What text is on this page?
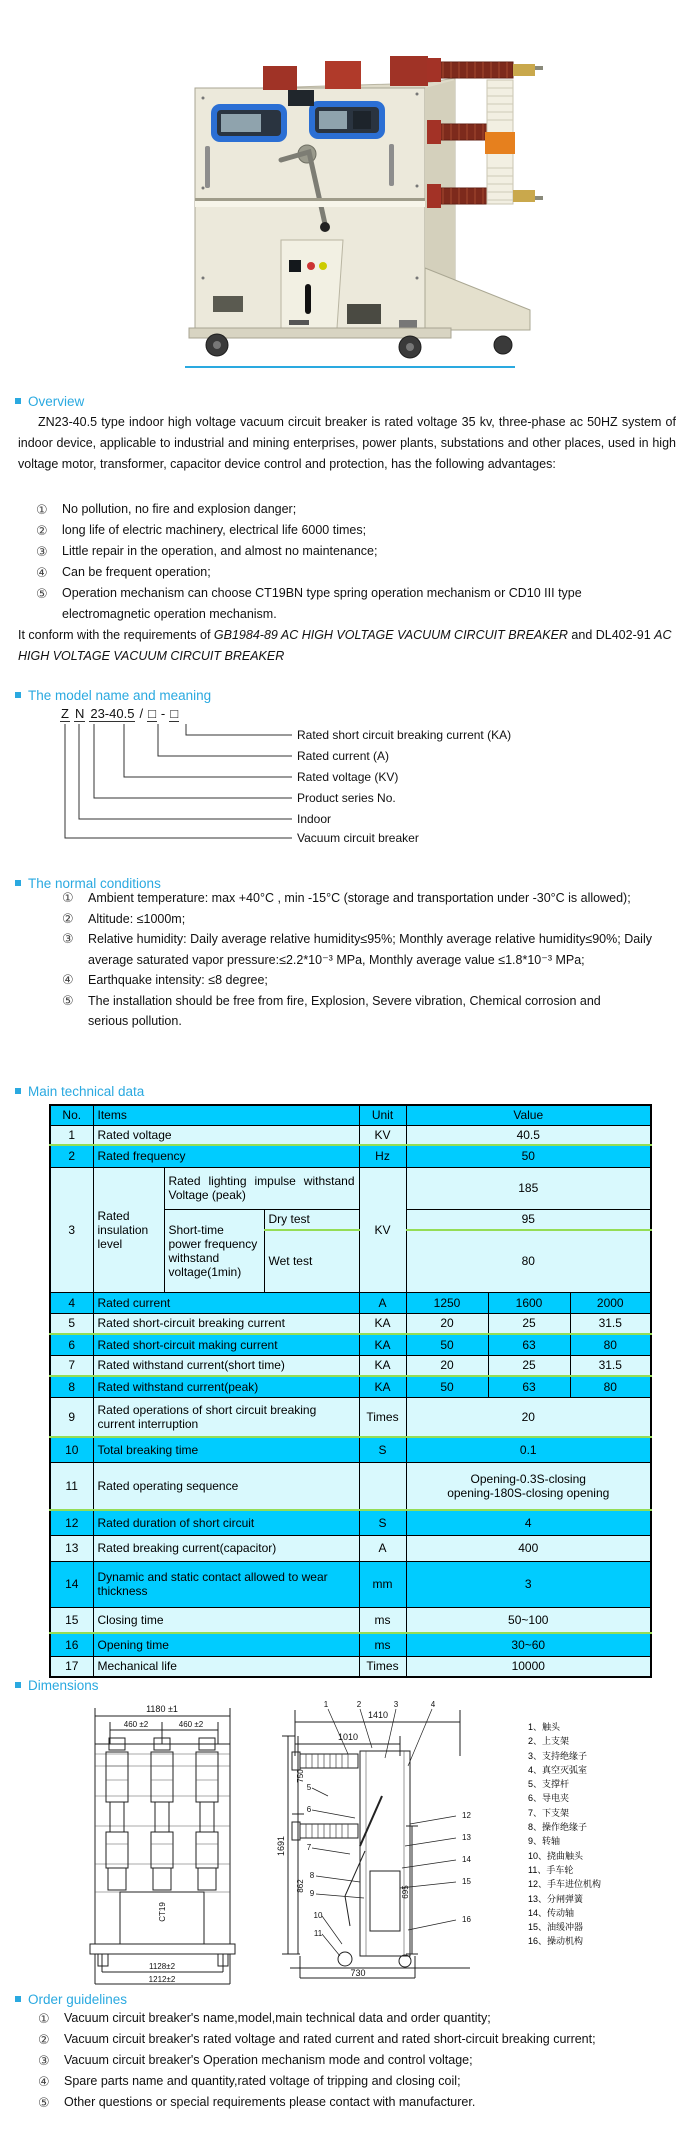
Overview
ZN23-40.5 type indoor high voltage vacuum circuit breaker is rated voltage 35 kv, three-phase ac 50HZ system of indoor device, applicable to industrial and mining enterprises, power plants, substations and other places, used in high voltage motor, transformer, capacitor device control and protection, has the following advantages:
①	No pollution, no fire and explosion danger;
②	long life of electric machinery, electrical life 6000 times;
③	Little repair in the operation, and almost no maintenance;
④	Can be frequent operation;
⑤	Operation mechanism can choose CT19BN type spring operation mechanism or CD10 III type electromagnetic operation mechanism.
It conform with the requirements of GB1984-89 AC HIGH VOLTAGE VACUUM CIRCUIT BREAKER and DL402-91 AC HIGH VOLTAGE VACUUM CIRCUIT BREAKER
The model name and meaning
Z N 23-40.5 / □ - □
Rated short circuit breaking current (KA)
Rated current (A)
Rated voltage (KV)
Product series No.
Indoor
Vacuum circuit breaker
The normal conditions
①	Ambient temperature: max +40°C , min -15°C (storage and transportation under -30°C is allowed);
②	Altitude: ≤1000m;
③	Relative humidity: Daily average relative humidity≤95%; Monthly average relative humidity≤90%; Daily average saturated vapor pressure:≤2.2*10⁻³ MPa, Monthly average value ≤1.8*10⁻³ MPa;
④	Earthquake intensity: ≤8 degree;
⑤	The installation should be free from fire, Explosion, Severe vibration, Chemical corrosion and serious pollution.
Main technical data
No.	Items			Unit	Value		
1	Rated voltage			KV	40.5		
2	Rated frequency			Hz	50		
3	Rated insulation level	Rated lighting impulse withstand Voltage (peak)		KV	185		
		Short-time power frequency withstand voltage(1min)	Dry test		95		
			Wet test		80		
4	Rated current			A	1250	1600	2000
5	Rated short-circuit breaking current			KA	20	25	31.5
6	Rated short-circuit making current			KA	50	63	80
7	Rated withstand current(short time)			KA	20	25	31.5
8	Rated withstand current(peak)			KA	50	63	80
9	Rated operations of short circuit breaking current interruption			Times	20		
10	Total breaking time			S	0.1		
11	Rated operating sequence				Opening-0.3S-closing
opening-180S-closing opening		

12	Rated duration of short circuit			S	4		
13	Rated breaking current(capacitor)			A	400		
14	Dynamic and static contact allowed to wear thickness			mm	3		
15	Closing time			ms	50~100		
16	Opening time			ms	30~60		
17	Mechanical life			Times	10000		
Dimensions
1180 ±1
460 ±2	460 ±2
CT19
1128±2
1212±2
1410
1010
1691
750
862	695
730
1	2	3	4
5
6
7
8
9
10
11
12
13
14
15
16
1、触头
2、上支架
3、支持绝缘子
4、真空灭弧室
5、支撑杆
6、导电夹
7、下支架
8、操作绝缘子
9、转轴
10、挠曲触头
11、手车轮
12、手车进位机构
13、分闸弹簧
14、传动轴
15、油缓冲器
16、操动机构
Order guidelines
①	Vacuum circuit breaker's name,model,main technical data and order quantity;
②	Vacuum circuit breaker's rated voltage and rated current and rated short-circuit breaking current;
③	Vacuum circuit breaker's Operation mechanism mode and control voltage;
④	Spare parts name and quantity,rated voltage of tripping and closing coil;
⑤	Other questions or special requirements please contact with manufacturer.
